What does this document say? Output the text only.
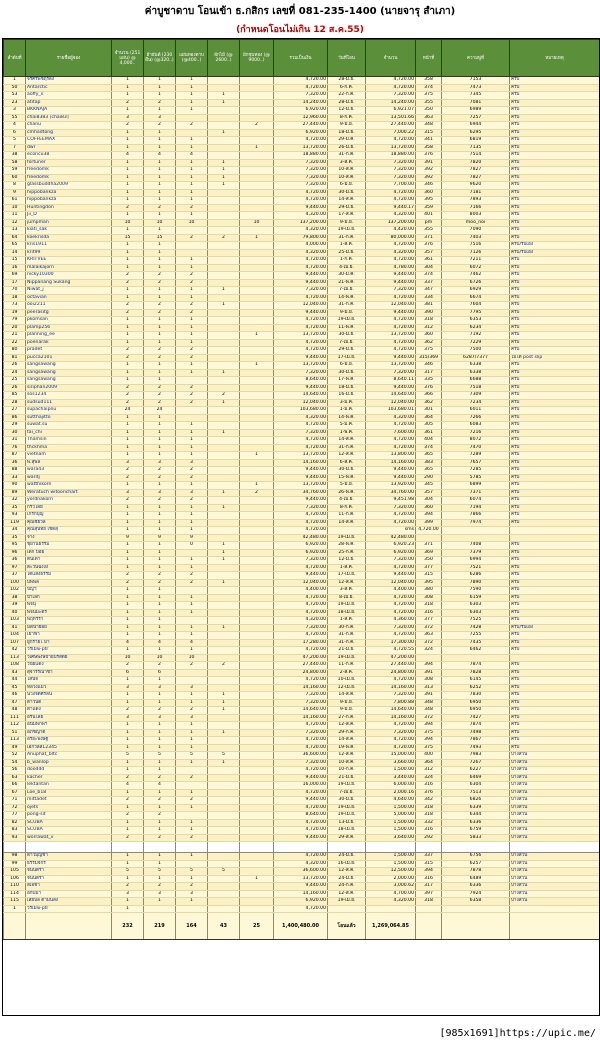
ค่าบูชาดาบ โอนเข้า ธ.กสิกร เลขที่ 081-235-1400 (นายจารุ สำเภา)
(กำหนดโอนไม่เกิน 12 ส.ค.55)
ลำดับที่	รายชื่อผู้จอง	จำนวน (251 แผ่น) @ 4,000..	ผ้ายันต์ (230 ผืน) (@320..)	แผ่นทองดาบ (@400..)	ฝักไม้ (@ 2600..)	ฝักชุบทอง (@ 9000..)	รวมเป็นเงิน	วันที่โอน	จำนวน	หน้าที่	ความพู่ที่	หมายเหตุ
1	จรัศรพชฤรลง	1	1	1			4,720.00	28-มิ.ย.	4,720.00	358	7153	ครบ
50	Antarctic	1	1	1			4,720.00	6-ก.ค.	4,720.00	374	7473	ครบ
53	aoffy_s	1	1	1	1		7,320.00	22-ก.ค.	7,320.00	375	7345	ครบ
23	atitap	2	2	1	1		14,240.00	28-มิ.ย.	14,240.00	355	7081	ครบ
3	BKKNAJA	1	1	1			6,920.00	12-มิ.ย.	6,921.07	350	6989	ครบ
55	chai8383 [chai83]	3	3				12,960.00	8-ก.ค.	13,501.66	363	7257	ครบ
4	chanu	2	2	2		2	27,440.00	9-มิ.ย.	27,440.00	348	6944	ครบ
6	cmhadtong	1	1		1		6,920.00	18-มิ.ย.	7,000.22	315	6295	ครบ
5	COFFEEMAX	1	1	1			4,720.00	29-ม.ค.	4,720.00	341	6819	ครบ
7	dwr	1	1	1		1	13,720.00	26-มิ.ย.	13,720.00	358	7135	ครบ
38	econcu38	4	4	4			18,880.00	31-ก.ค.	18,880.00	376	7514	ครบ
58	fortuner	1	1	1	1		7,320.00	3-ส.ค.	7,320.00	391	7820	ครบ
59	freedomk	1	1	1	1		7,320.00	10-ส.ค.	7,320.00	392	7827	ครบ
60	freedomk	1	1	1	1		7,320.00	10-ส.ค.	7,320.00	392	7827	ครบ
8	glassbuddha2009	1	1	1	1		7,320.00	6-มิ.ย.	7,700.00	346	9620	ครบ
9	hippobankza	1	1	1			4,720.00	30-มิ.ย.	4,720.00	360	7181	ครบ
61	hippobankza	1	1	1			4,720.00	14-ส.ค.	4,720.00	395	7893	ครบ
10	Huntingdon	2	2	2			9,440.00	29-มิ.ย.	9,440.17	359	7166	ครบ
11	Jii_D	1	1	1			4,320.00	17-ส.ค.	4,320.00	401	8003	ครบ
12	jumpman	10	10	10		10	137,200.00	9-มิ.ย.	137,200.00	pm	moo_noi	ครบ
13	kiati_sak	1	1				4,320.00	19-เม.ย.	4,420.00	355	7090	ครบ
64	koekrisda	15	15	2	2	1	79,800.00	31-ก.ค.	80,000.00	371	7403	ครบ
65	kris1911	1	1				4,000.00	1-ส.ค.	4,720.00	376	7516	ครบ/รับเอง
14	krit99	1	1				4,320.00	25-มิ.ย.	4,320.00	357	7126	ครบ/รับเอง
15	KRITVEE	1	1	1			4,720.00	1-ก.ค.	4,720.00	361	7211	ครบ
16	malaikajorn	1	1	1			4,720.00	4-เม.ย.	4,780.00	304	6072	ครบ
69	nicky10300	2	2	2			9,440.00	30-ม.ค.	9,440.00	374	7462	ครบ
17	Nippanang Sukang	2	2	2			9,440.00	21-พ.ค.	9,440.00	337	6726	ครบ
70	Niwat_j	1	1	1	1		7,320.00	7-เม.ย.	7,320.00	347	6929	ครบ
18	octavian	1	1	1			4,720.00	14-พ.ค.	4,720.00	334	6674	ครบ
73	ooi2211	2	2	2	1		12,040.00	31-ก.ค.	12,040.00	381	7604	ครบ
19	peerasitg	2	2	2			9,440.00	9-มิ.ย.	9,440.00	390	7795	ครบ
79	pkomsan	1	1	1			4,720.00	19-เม.ย.	4,720.00	318	6353	ครบ
20	plamp256	1	1	1			4,720.00	11-พ.ค.	4,720.00	312	6234	ครบ
21	planning_ee	1	1	1		1	13,720.00	30-มิ.ย.	13,720.00	360	7192	ครบ
22	poenarak	1	1	1			4,720.00	7-เม.ย.	4,720.00	362	7229	ครบ
80	pradet	2	2	2			4,720.00	29-มิ.ย.	4,720.00	375	7500	ครบ
81	pucca2101	2	2	2			9,440.00	17-เม.ย.	9,440.00	315/369	6287/7377	ไม่ได้ post slip
26	sangsawang	1	1	1		1	13,720.00	6-มิ.ย.	13,720.00	346	6338	ครบ
24	sangsawang	1	1	1	1		7,320.00	30-มิ.ย.	7,320.00	317	6338	ครบ
25	sangsawang	1	1				8,640.00	17-พ.ค.	8,640.11	335	6688	ครบ
26	siriphan2009	2	2	2			9,440.00	18-มิ.ย.	9,440.00	376	7518	ครบ
85	sos1234	2	2	2	2		14,640.00	16-มิ.ย.	14,640.00	366	7309	ครบ
28	sudsud111	2	2	2	1		12,040.00	3-ม.ค.	12,040.00	362	7234	ครบ
27	supachaipnu	24	24				103,680.00	1-ม.ค.	103,680.01	301	6011	ครบ
86	sutthajitto	1	1				4,320.00	14-พ.ค.	4,320.00	364	7266	ครบ
29	suwat.su	1	1	1			4,720.00	5-ม.ค.	4,720.00	305	6083	ครบ
30	tai_chi	1	1	1	1		7,320.00	1-พ.ค.	7,600.00	361	7216	ครบ
31	Thamsin	1	1	1			4,720.00	14-ส.ค.	4,720.00	404	8072	ครบ
76	thckhma	1	1	1			4,720.00	31-ก.ค.	4,720.00	374	7470	ครบ
87	vietnam	1	1	1		1	13,720.00	12-ส.ค.	13,800.00	365	7289	ครบ
36	พ.สุพล	3	3	3			14,160.00	6-ส.ค.	14,160.00	383	7657	ครบ
88	wara43	2	2	2			9,440.00	30-มิ.ย.	9,440.00	365	7285	ครบ
33	waritj	2	2	2			9,440.00	15-พ.ค.	9,440.00	290	5785	ครบ
90	watthikorn	1	1	1		1	13,720.00	5-มิ.ย.	13,920.00	345	6899	ครบ
89	Weratuch witoonchart	3	3	3	1	2	34,760.00	26-พ.ค.	34,760.00	357	7371	ครบ
32	yordnakorn	2	2	2			9,440.00	4-เม.ย.	9,451.98	304	6074	ครบ
35	กรวิไลย์	1	1	1	1		7,320.00	8-ก.ค.	7,320.00	360	7194	ครบ
93	เกริกบุญ	1	1	1			4,720.00	11-ก.ค.	4,720.00	394	7866	ครบ
119	คุณชัยวัล	1	1	1			4,720.00	14-ส.ค.	4,720.00	399	7974	ครบ
34	คุณสุนิทย์ เชิดสุ	1	1	1			4,720.00		sms	4,720.00		
35	จาง	9	9	9			42,480.00	19-เม.ย.	42,480.00			
95	ชุยานธรรม	1	1	0	1		6,920.00	28-พ.ค.	6,920.23	371	7408	ครบ
96	เด็ก ป้อย	1	1		1		6,920.00	25-ก.ค.	6,920.00	369	7379	ครบ
36	ต้นเต่า	1	1	1	1		7,320.00	12-มิ.ย.	7,320.00	350	6994	ครบ
97	ตะวันฉิงงง	1	1	1			4,720.00	1-ส.ค.	4,720.00	377	7521	ครบ
37	ไต้แสงธรรม	2	2	2			9,440.00	17-เม.ย.	9,440.00	315	6286	ครบ
100	บพพล	2	2	2	1		12,040.00	12-ส.ค.	12,040.00	395	7890	ครบ
102	ปิญฯ	1	1				4,400.00	3-ส.ค.	4,400.00	380	7590	ครบ
38	ป้าเล็ก	1	1	1			4,720.00	8-เม.ย.	4,720.00	308	6159	ครบ
39	พจนุ๋	1	1	1			4,720.00	19-เม.ย.	4,720.00	318	6303	ครบ
40	พจนมะตรี	1	1	1			4,720.00	18-เม.ย.	4,720.00	316	6303	ครบ
103	พฤหรีรา	1	1				4,320.00	1-ส.ค.	4,360.00	377	7525	ครบ
41	มดน้าย้อย	1	1	1	1		7,320.00	30-ก.ค.	7,320.00	372	7428	ครบ/รับเอง
104	เยาฟ้า	1	1	1			4,720.00	31-ก.ค.	4,720.00	363	7255	ครบ
107	ยูกรายไ มา	4	4	4			17,280.00	31-ก.ค.	17,300.00	372	7435	ครบ
42	วรเมฆ-ptr	1	1	1			4,720.00	21-มิ.ย.	4,720.55	324	6462	ครบ
113	วิเศษพงษ์บ้ายบริสัตย์	10	10	10			47,200.00	19-เม.ย.	47,200.00			
108	วิน้ยแดง	2	2	2	2		27,440.00	11-ก.ค.	27,440.00	394	7874	ครบ
43	สุจารรณาชา	6	6				24,800.00	2-ส.ค.	24,800.00	391	7828	ครบ
44	ไสนัจ	1	1				4,720.00	10-เม.ย.	4,720.00	308	6145	ครบ
45	หลวงแมว	3	3	3			14,160.00	12-เม.ย.	14,160.00	313	6252	ครบ
46	นวงจิตศรีลน	1	1	1	1		7,320.00	14-ส.ค.	7,320.00	391	7830	ครบ
47	ตาวันต	1	1	1	1		7,320.00	9-มิ.ย.	7,800.88	348	6950	ครบ
48	ตาแดง	2	2	2	1		14,640.00	9-มิ.ย.	14,640.00	348	6950	ครบ
111	อรินไลย	3	3	3			14,160.00	27-ก.ค.	14,160.00	372	7427	ครบ
112	อนัมพกพฯ	1	1	1			4,720.00	12-ส.ค.	4,720.00	394	7874	ครบ
51	อภิชญาติ	1	1	1	1		7,320.00	29-ก.ค.	7,320.00	375	7498	ครบ
113	อริยะพงษ์ฐ์	1	1	1			4,720.00	14-ส.ค.	4,720.00	394	7867	ครบ
49	เอกวิลส12345	1	1	1			4,720.00	19-พ.ค.	4,720.00	375	7493	ครบ
52	Anuphat_bltc	5	5	5	5		36,600.00	12-ส.ค.	15,000.00	400	7983	บางส่วน
54	b_wanlop	1	1	1	1		7,320.00	10-ส.ค.	3,660.00	364	7267	บางส่วน
56	dooddd	1	1				4,720.00	10-ก.ค.	1,500.00	312	6227	บางส่วน
63	kacher	2	2	2			9,440.00	21-มิ.ย.	3,440.00	324	6469	บางส่วน
66	lektantan	4	4				16,000.00	19-เม.ย.	6,000.00	316	6304	บางส่วน
67	Loe_b18	1	1	1			4,720.00	7-เม.ย.	2,000.16	376	7513	บางส่วน
71	mittadet	2	2	2			9,440.00	30-มิ.ย.	4,640.00	342	6826	บางส่วน
72	ojets	1	1	1			4,720.00	19-เม.ย.	1,500.00	318	6339	บางส่วน
77	pong-sit	2	2				8,640.00	19-เม.ย.	5,000.00	318	6344	บางส่วน
82	SCUBA	1	1	1			4,720.00	13-มิ.ย.	1,500.00	332	6336	บางส่วน
83	SCUBA	1	1	1			4,720.00	18-เม.ย.	1,500.00	316	6759	บางส่วน
93	worrawat_v	2	2	2			9,440.00	29-ส.ค.	3,640.00	292	5833	บางส่วน

98	ดาวมุญชา	1	1	1			4,720.00	24-มิ.ย.	1,500.00	337	6756	บางส่วน
99	ธรรมจักร	1	1				4,320.00	16-เม.ย.	1,500.00	315	6257	บางส่วน
105	จันนตรา	5	5	5	5		36,600.00	12-ส.ค.	12,500.00	394	7878	บางส่วน
106	จันนตรา	1	1	1		1	13,720.00	24-มิ.ย.	2,000.00	316	6489	บางส่วน
110	สิเอชา	2	2	2			9,440.00	24-ก.ค.	3,000.62	317	6336	บางส่วน
114	อกัปมา	3	3	3			14,160.00	12-ส.ค.	4,700.00	397	7924	บางส่วน
115	เสียปล ตามนลัง	1	1	1			6,920.00	19-เม.ย.	4,320.00	318	6358	บางส่วน
1	วรเมฆ-ptr	1					4,720.00					
		232	219	164	43	25	1,400,480.00	โอนแล้ว	1,269,064.85			
[985x1691]https://upic.me/
